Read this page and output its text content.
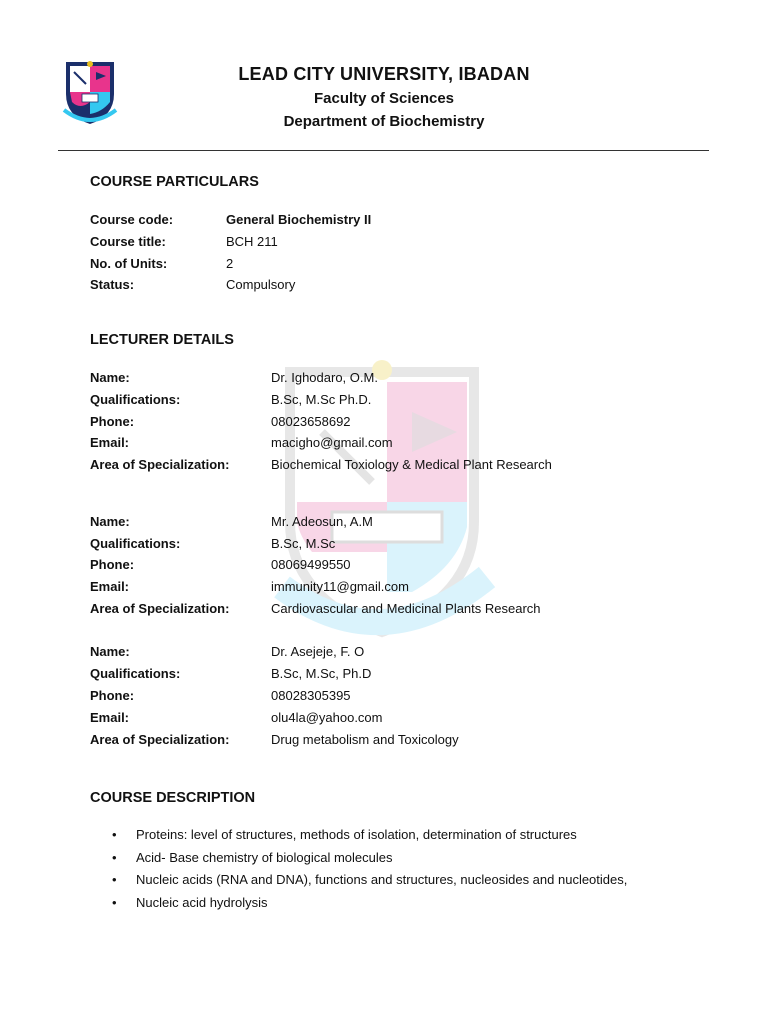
LEAD CITY UNIVERSITY, IBADAN
Faculty of Sciences
Department of Biochemistry
COURSE PARTICULARS
Course code:	General Biochemistry II
Course title:	BCH 211
No. of Units:	2
Status:	Compulsory
LECTURER DETAILS
Name:	Dr. Ighodaro, O.M.
Qualifications:	B.Sc, M.Sc Ph.D.
Phone:	08023658692
Email:	macigho@gmail.com
Area of Specialization:	Biochemical Toxiology & Medical Plant Research
Name:	Mr. Adeosun, A.M
Qualifications:	B.Sc, M.Sc
Phone:	08069499550
Email:	immunity11@gmail.com
Area of Specialization:	Cardiovascular and Medicinal Plants Research
Name:	Dr. Asejeje, F. O
Qualifications:	B.Sc, M.Sc, Ph.D
Phone:	08028305395
Email:	olu4la@yahoo.com
Area of Specialization:	Drug metabolism and Toxicology
COURSE DESCRIPTION
• Proteins: level of structures, methods of isolation, determination of structures
• Acid- Base chemistry of biological molecules
• Nucleic acids (RNA and DNA), functions and structures, nucleosides and nucleotides,
• Nucleic acid hydrolysis
